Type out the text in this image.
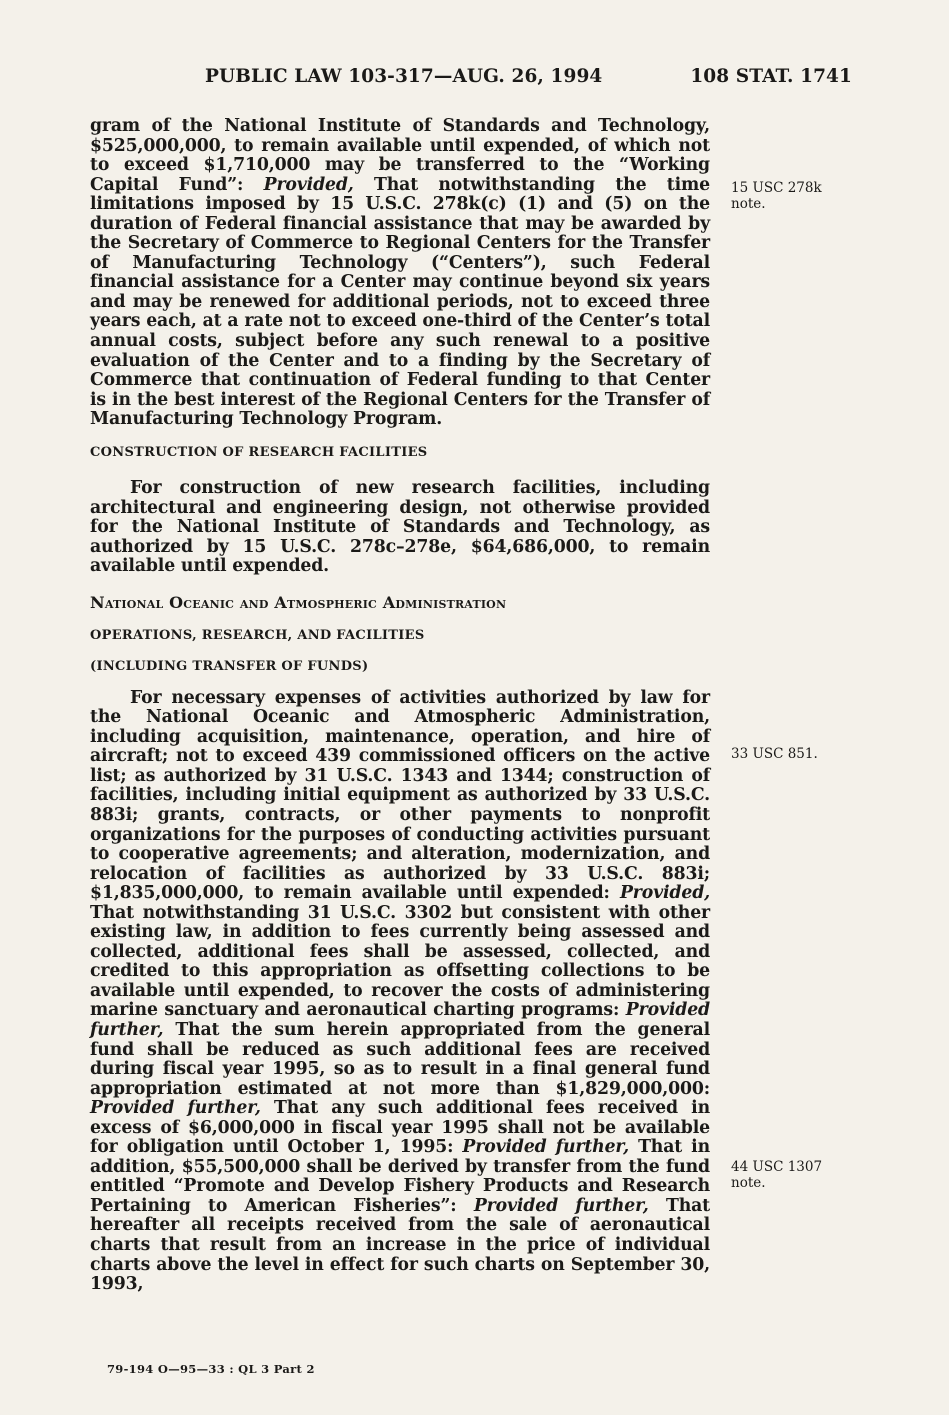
PUBLIC LAW 103-317—AUG. 26, 1994	108 STAT. 1741

gram of the National Institute of Standards and Technology, $525,000,000, to remain available until expended, of which not to exceed $1,710,000 may be transferred to the “Working Capital Fund”: Provided, That notwithstanding the time limitations imposed by 15 U.S.C. 278k(c) (1) and (5) on the duration of Federal financial assistance that may be awarded by the Secretary of Commerce to Regional Centers for the Transfer of Manufacturing Technology (“Centers”), such Federal financial assistance for a Center may continue beyond six years and may be renewed for additional periods, not to exceed three years each, at a rate not to exceed one-third of the Center’s total annual costs, subject before any such renewal to a positive evaluation of the Center and to a finding by the Secretary of Commerce that continuation of Federal funding to that Center is in the best interest of the Regional Centers for the Transfer of Manufacturing Technology Program.

CONSTRUCTION OF RESEARCH FACILITIES

For construction of new research facilities, including architectural and engineering design, not otherwise provided for the National Institute of Standards and Technology, as authorized by 15 U.S.C. 278c–278e, $64,686,000, to remain available until expended.

National Oceanic and Atmospheric Administration

OPERATIONS, RESEARCH, AND FACILITIES

(INCLUDING TRANSFER OF FUNDS)

For necessary expenses of activities authorized by law for the National Oceanic and Atmospheric Administration, including acquisition, maintenance, operation, and hire of aircraft; not to exceed 439 commissioned officers on the active list; as authorized by 31 U.S.C. 1343 and 1344; construction of facilities, including initial equipment as authorized by 33 U.S.C. 883i; grants, contracts, or other payments to nonprofit organizations for the purposes of conducting activities pursuant to cooperative agreements; and alteration, modernization, and relocation of facilities as authorized by 33 U.S.C. 883i; $1,835,000,000, to remain available until expended: Provided, That notwithstanding 31 U.S.C. 3302 but consistent with other existing law, in addition to fees currently being assessed and collected, additional fees shall be assessed, collected, and credited to this appropriation as offsetting collections to be available until expended, to recover the costs of administering marine sanctuary and aeronautical charting programs: Provided further, That the sum herein appropriated from the general fund shall be reduced as such additional fees are received during fiscal year 1995, so as to result in a final general fund appropriation estimated at not more than $1,829,000,000: Provided further, That any such additional fees received in excess of $6,000,000 in fiscal year 1995 shall not be available for obligation until October 1, 1995: Provided further, That in addition, $55,500,000 shall be derived by transfer from the fund entitled “Promote and Develop Fishery Products and Research Pertaining to American Fisheries”: Provided further, That hereafter all receipts received from the sale of aeronautical charts that result from an increase in the price of individual charts above the level in effect for such charts on September 30, 1993,

15 USC 278k
note.
33 USC 851.
44 USC 1307
note.
79-194 O—95—33 : QL 3 Part 2
